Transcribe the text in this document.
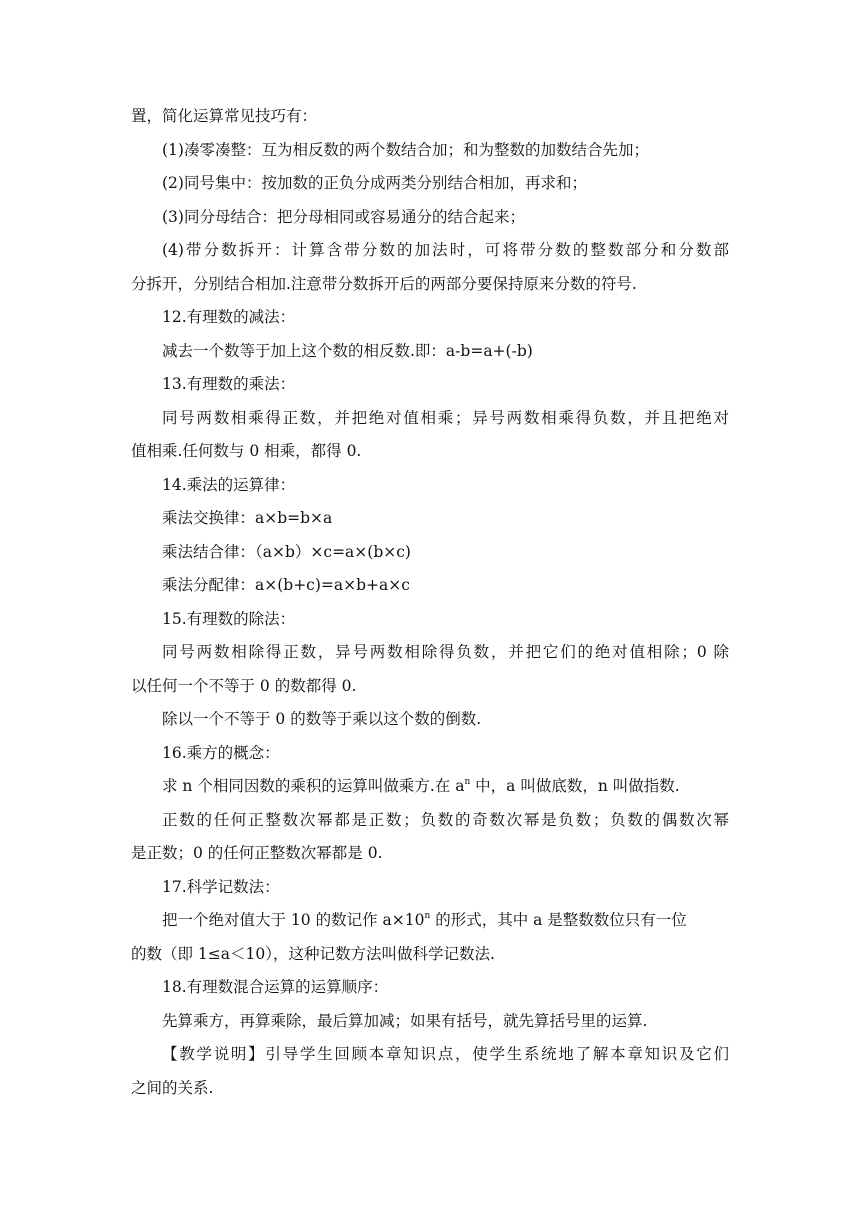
置，简化运算常见技巧有：
(1)凑零凑整：互为相反数的两个数结合加；和为整数的加数结合先加；
(2)同号集中：按加数的正负分成两类分别结合相加，再求和；
(3)同分母结合：把分母相同或容易通分的结合起来；
(4)带分数拆开：计算含带分数的加法时，可将带分数的整数部分和分数部
分拆开，分别结合相加.注意带分数拆开后的两部分要保持原来分数的符号.
12.有理数的减法：
减去一个数等于加上这个数的相反数.即：a-b=a+(-b)
13.有理数的乘法：
同号两数相乘得正数，并把绝对值相乘；异号两数相乘得负数，并且把绝对
值相乘.任何数与 0 相乘，都得 0.
14.乘法的运算律：
乘法交换律：a×b=b×a
乘法结合律：（a×b）×c=a×(b×c)
乘法分配律：a×(b+c)=a×b+a×c
15.有理数的除法：
同号两数相除得正数，异号两数相除得负数，并把它们的绝对值相除；0 除
以任何一个不等于 0 的数都得 0.
除以一个不等于 0 的数等于乘以这个数的倒数.
16.乘方的概念：
求 n 个相同因数的乘积的运算叫做乘方.在 $a^n$ 中，a 叫做底数，n 叫做指数.
正数的任何正整数次幂都是正数；负数的奇数次幂是负数；负数的偶数次幂
是正数；0 的任何正整数次幂都是 0.
17.科学记数法：
把一个绝对值大于 10 的数记作 $a\times 10^n$ 的形式，其中 a 是整数数位只有一位
的数（即 1≤a＜10），这种记数方法叫做科学记数法.
18.有理数混合运算的运算顺序：
先算乘方，再算乘除，最后算加减；如果有括号，就先算括号里的运算.
【教学说明】引导学生回顾本章知识点，使学生系统地了解本章知识及它们
之间的关系.
